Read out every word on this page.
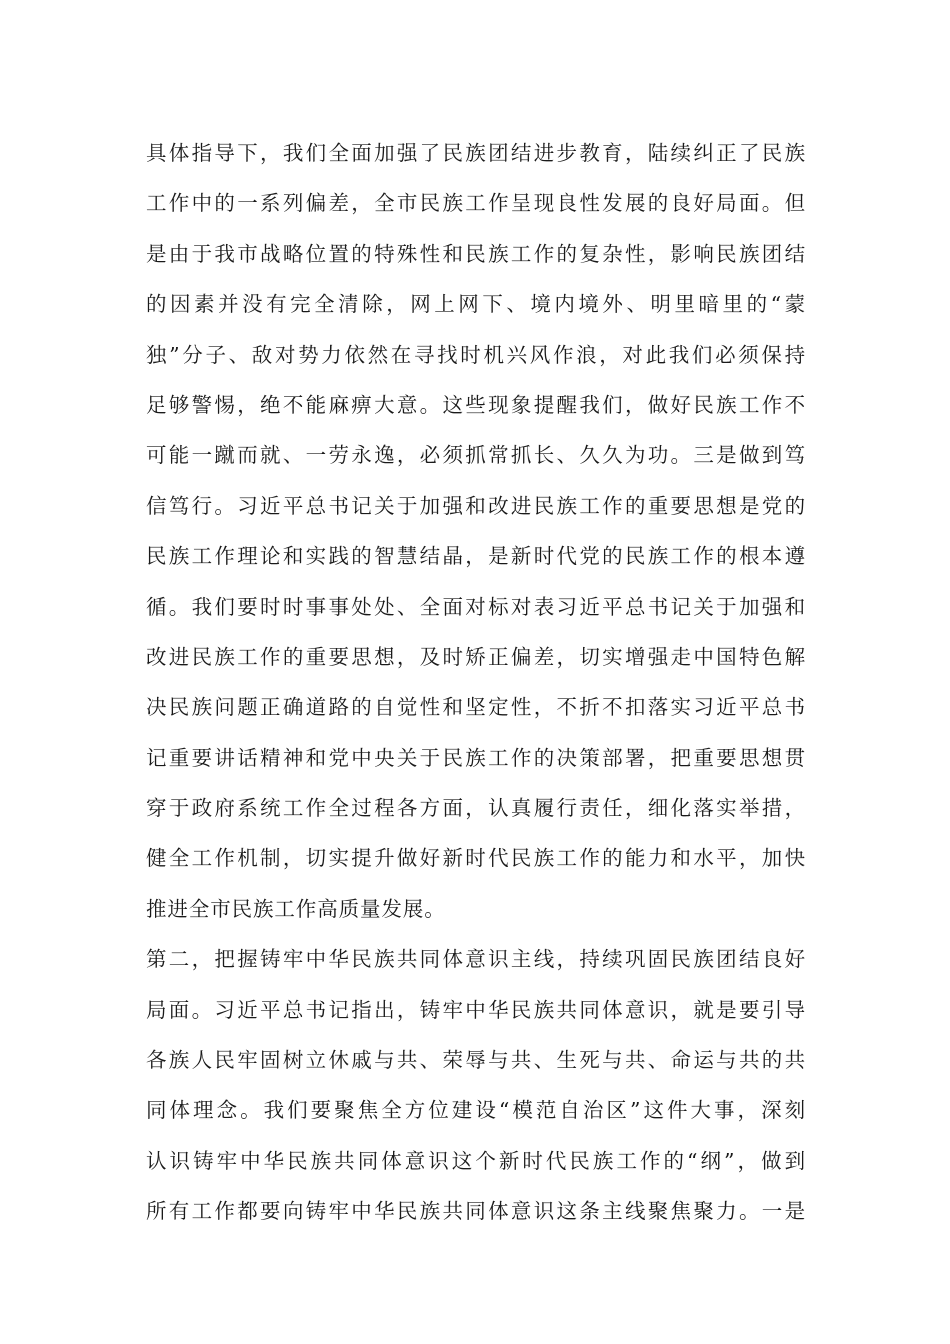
具体指导下，我们全面加强了民族团结进步教育，陆续纠正了民族
工作中的一系列偏差，全市民族工作呈现良性发展的良好局面。但
是由于我市战略位置的特殊性和民族工作的复杂性，影响民族团结
的因素并没有完全清除，网上网下、境内境外、明里暗里的“蒙
独”分子、敌对势力依然在寻找时机兴风作浪，对此我们必须保持
足够警惕，绝不能麻痹大意。这些现象提醒我们，做好民族工作不
可能一蹴而就、一劳永逸，必须抓常抓长、久久为功。三是做到笃
信笃行。习近平总书记关于加强和改进民族工作的重要思想是党的
民族工作理论和实践的智慧结晶，是新时代党的民族工作的根本遵
循。我们要时时事事处处、全面对标对表习近平总书记关于加强和
改进民族工作的重要思想，及时矫正偏差，切实增强走中国特色解
决民族问题正确道路的自觉性和坚定性，不折不扣落实习近平总书
记重要讲话精神和党中央关于民族工作的决策部署，把重要思想贯
穿于政府系统工作全过程各方面，认真履行责任，细化落实举措，
健全工作机制，切实提升做好新时代民族工作的能力和水平，加快
推进全市民族工作高质量发展。
第二，把握铸牢中华民族共同体意识主线，持续巩固民族团结良好
局面。习近平总书记指出，铸牢中华民族共同体意识，就是要引导
各族人民牢固树立休戚与共、荣辱与共、生死与共、命运与共的共
同体理念。我们要聚焦全方位建设“模范自治区”这件大事，深刻
认识铸牢中华民族共同体意识这个新时代民族工作的“纲”，做到
所有工作都要向铸牢中华民族共同体意识这条主线聚焦聚力。一是
